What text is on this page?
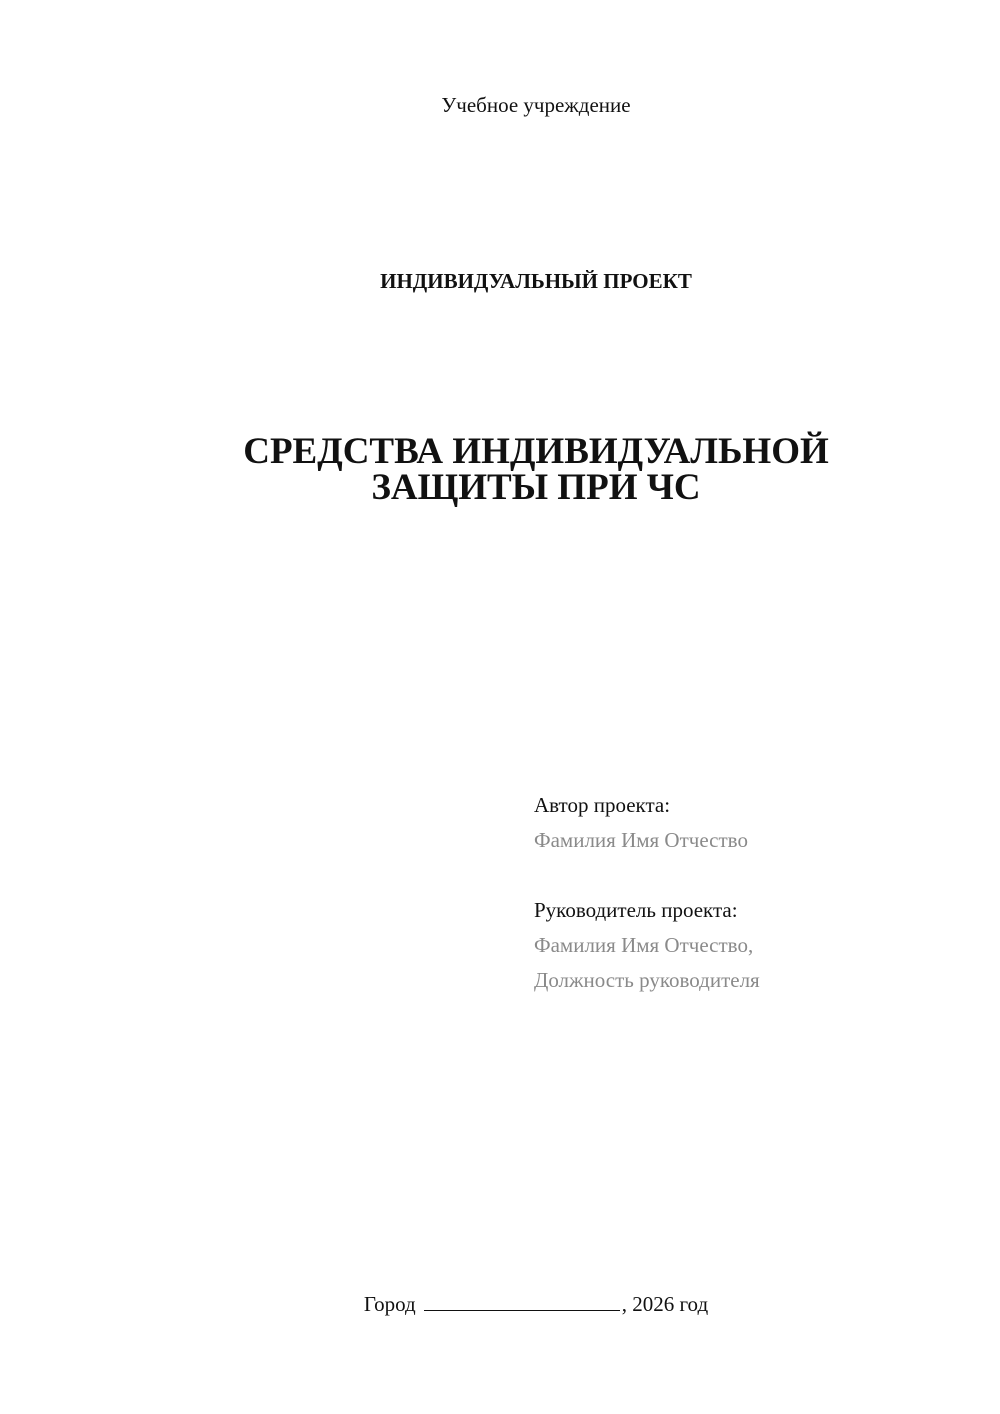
Учебное учреждение
ИНДИВИДУАЛЬНЫЙ ПРОЕКТ
СРЕДСТВА ИНДИВИДУАЛЬНОЙ
ЗАЩИТЫ ПРИ ЧС
Автор проекта:
Фамилия Имя Отчество
Руководитель проекта:
Фамилия Имя Отчество,
Должность руководителя
Город	, 2026 год
